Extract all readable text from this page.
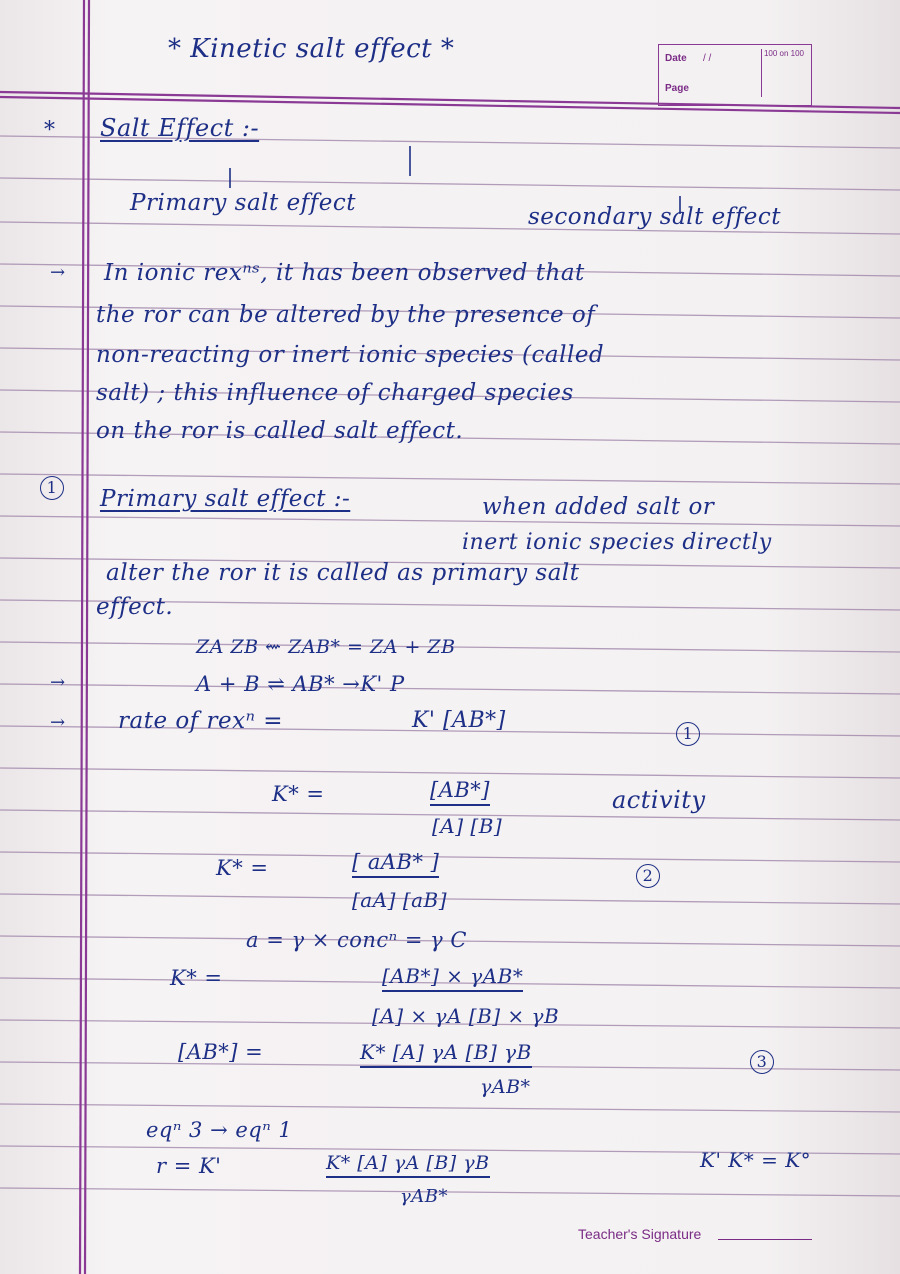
Date / /
Page
100 on 100
* Kinetic salt effect *
* Salt Effect :-
Primary salt effect
secondary salt effect
→ In ionic rexⁿˢ, it has been observed that
the ror can be altered by the presence of
non-reacting or inert ionic species (called
salt) ; this influence of charged species
on the ror is called salt effect.
1 Primary salt effect :-	when added salt or
inert ionic species directly
alter the ror it is called as primary salt
effect.
ZA ZB ⇜ ZAB* = ZA + ZB
→	A + B ⇌ AB* →K' P
→ rate of rexⁿ =	K' [AB*]
1
K* =	[AB*]
[A] [B]
activity
K* =	[ aAB* ]
[aA] [aB]
2
a = γ × concⁿ = γ C
K* =	[AB*] × γAB*
[A] × γA [B] × γB
[AB*] =	K* [A] γA [B] γB
γAB*
3
eqⁿ 3 → eqⁿ 1
r = K'	K* [A] γA [B] γB
γAB*
K' K* = K°
Teacher's Signature
